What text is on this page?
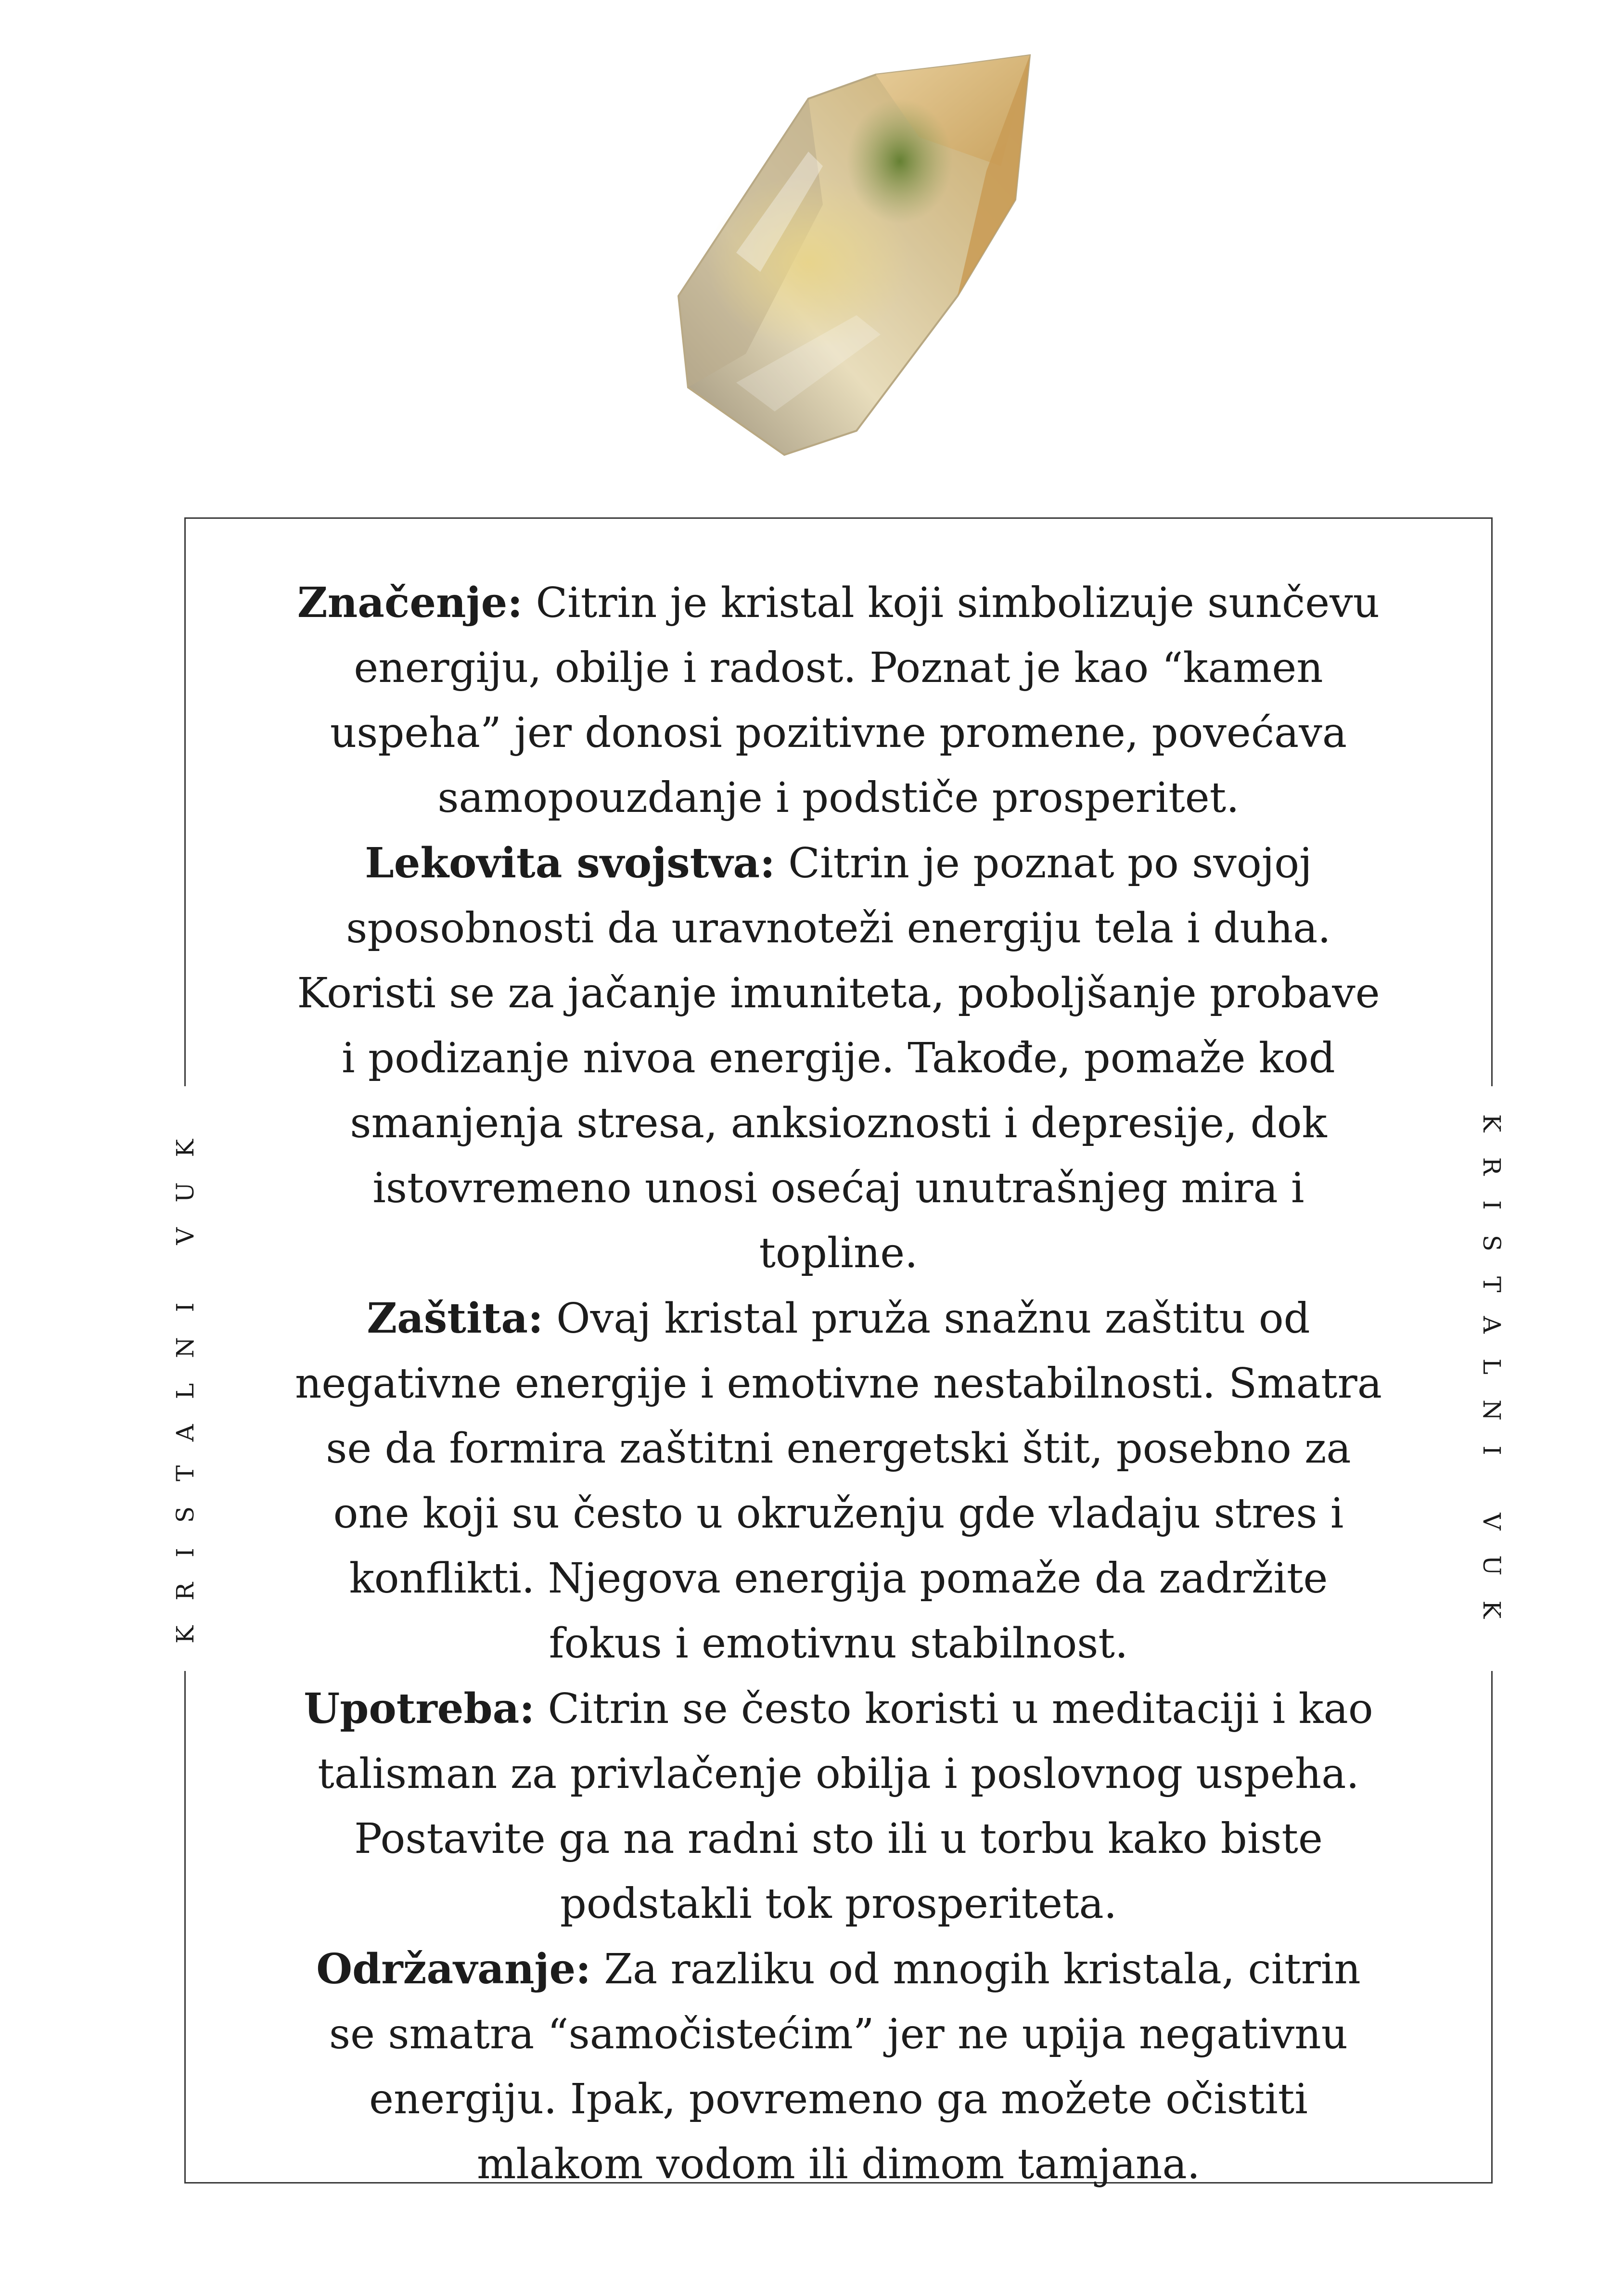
KRISTALNI VUK	KRISTALNI VUK

Značenje: Citrin je kristal koji simbolizuje sunčevu energiju, obilje i radost. Poznat je kao “kamen uspeha” jer donosi pozitivne promene, povećava samopouzdanje i podstiče prosperitet.

Lekovita svojstva: Citrin je poznat po svojoj sposobnosti da uravnoteži energiju tela i duha. Koristi se za jačanje imuniteta, poboljšanje probave i podizanje nivoa energije. Takođe, pomaže kod smanjenja stresa, anksioznosti i depresije, dok istovremeno unosi osećaj unutrašnjeg mira i topline.

Zaštita: Ovaj kristal pruža snažnu zaštitu od negativne energije i emotivne nestabilnosti. Smatra se da formira zaštitni energetski štit, posebno za one koji su često u okruženju gde vladaju stres i konflikti. Njegova energija pomaže da zadržite fokus i emotivnu stabilnost.

Upotreba: Citrin se često koristi u meditaciji i kao talisman za privlačenje obilja i poslovnog uspeha. Postavite ga na radni sto ili u torbu kako biste podstakli tok prosperiteta.

Održavanje: Za razliku od mnogih kristala, citrin se smatra “samočistećim” jer ne upija negativnu energiju. Ipak, povremeno ga možete očistiti mlakom vodom ili dimom tamjana.
